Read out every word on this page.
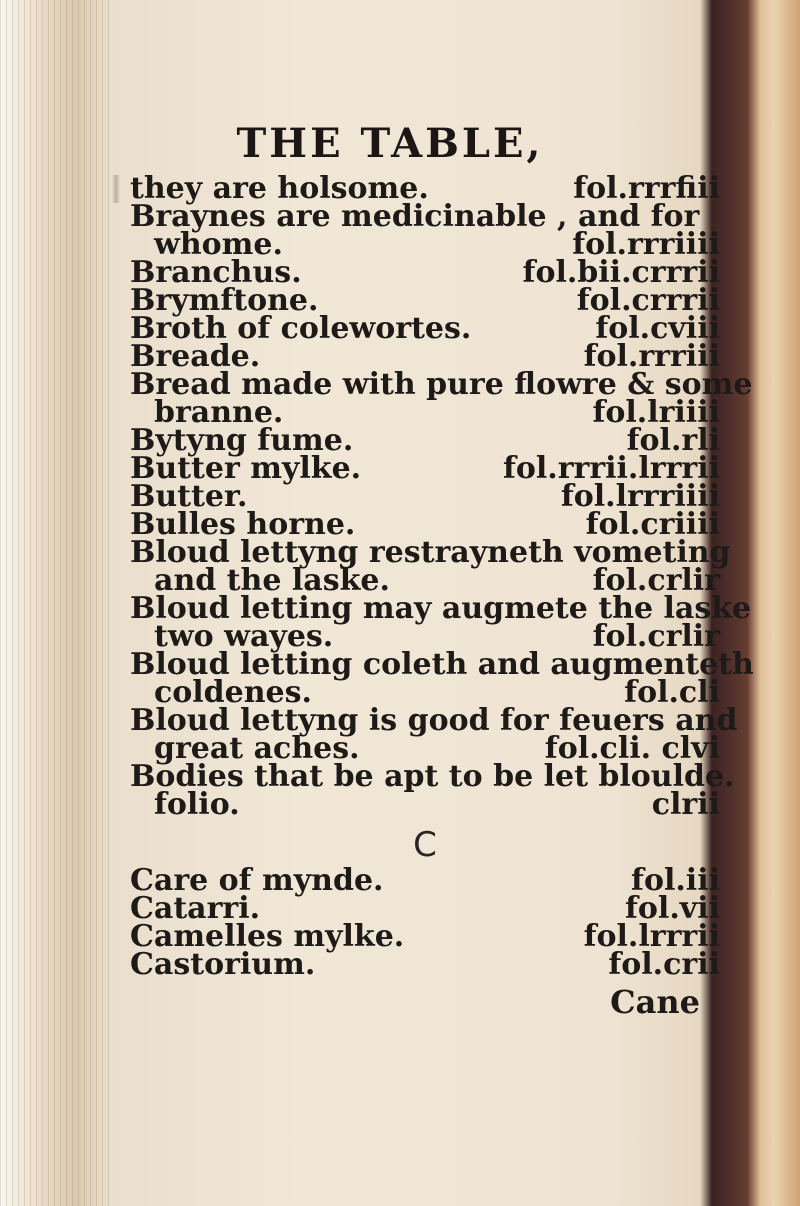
THE TABLE,
they are holsome.	fol.rrrfiii
Braynes are medicinable , and for
whome.	fol.rrriiii
Branchus.	fol.bii.crrrii
Brymftone.	fol.crrrii
Broth of colewortes.	fol.cviii
Breade.	fol.rrriii
Bread made with pure flowre & some
branne.	fol.lriiii
Bytyng fume.	fol.rli
Butter mylke.	fol.rrrii.lrrrii
Butter.	fol.lrrriiii
Bulles horne.	fol.criiii
Bloud lettyng restrayneth vometing
and the laske.	fol.crlir
Bloud letting may augmete the laske
two wayes.	fol.crlir
Bloud letting coleth and augmenteth
coldenes.	fol.cli
Bloud lettyng is good for feuers and
great aches.	fol.cli. clvi
Bodies that be apt to be let bloulde.
folio.	clrii
C
Care of mynde.	fol.iii
Catarri.	fol.vii
Camelles mylke.	fol.lrrrii
Castorium.	fol.crii
Cane
